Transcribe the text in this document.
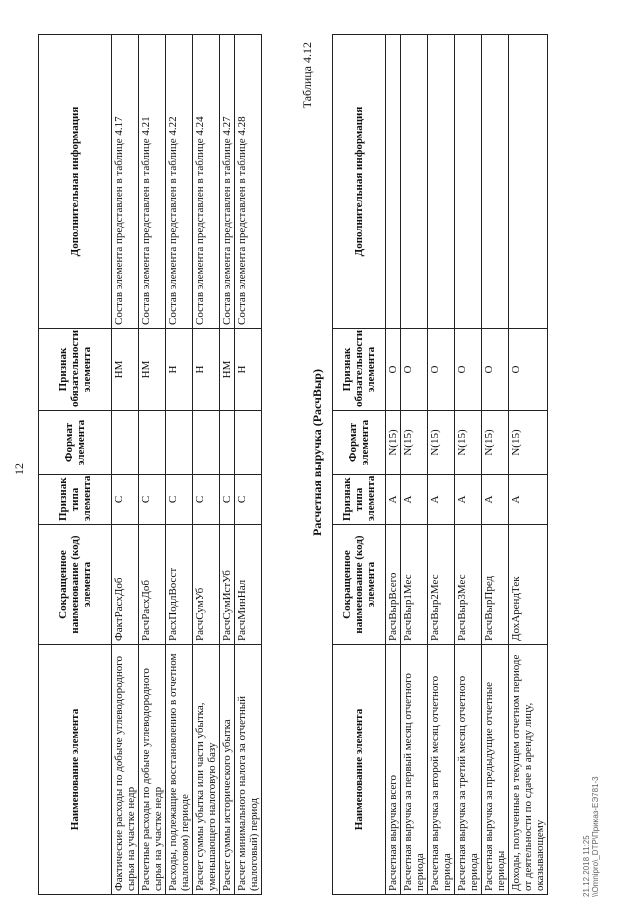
12
Наименование элемента	Сокращенное наименование (код) элемента	Признак типа элемента	Формат элемента	Признак обязательности элемента	Дополнительная информация
Фактические расходы по добыче углеводородного сырья на участке недр	ФактРасхДоб	С		НМ	Состав элемента представлен в таблице 4.17
Расчетные расходы по добыче углеводородного сырья на участке недр	РасчРасхДоб	С		НМ	Состав элемента представлен в таблице 4.21
Расходы, подлежащие восстановлению в отчетном (налоговом) периоде	РасхПодлВосст	С		Н	Состав элемента представлен в таблице 4.22
Расчет суммы убытка или части убытка, уменьшающего налоговую базу	РасчСумУб	С		Н	Состав элемента представлен в таблице 4.24
Расчет суммы исторического убытка	РасчСумИстУб	С		НМ	Состав элемента представлен в таблице 4.27
Расчет минимального налога за отчетный (налоговый) период	РасчМинНал	С		Н	Состав элемента представлен в таблице 4.28
Таблица 4.12
Расчетная выручка (РасчВыр)
Наименование элемента	Сокращенное наименование (код) элемента	Признак типа элемента	Формат элемента	Признак обязательности элемента	Дополнительная информация
Расчетная выручка всего	РасчВырВсего	А	N(15)	О	
Расчетная выручка за первый месяц отчетного периода	РасчВыр1Мес	А	N(15)	О	
Расчетная выручка за второй месяц отчетного периода	РасчВыр2Мес	А	N(15)	О	
Расчетная выручка за третий месяц отчетного периода	РасчВыр3Мес	А	N(15)	О	
Расчетная выручка за предыдущие отчетные периоды	РасчВырПред	А	N(15)	О	
Доходы, полученные в текущем отчетном периоде от деятельности по сдаче в аренду лицу, оказывающему	ДохАрендТек	А	N(15)	О	
21.12.2018 11:25 \\Omnipro\_DTP\Приказ-ЕЭ781-3
